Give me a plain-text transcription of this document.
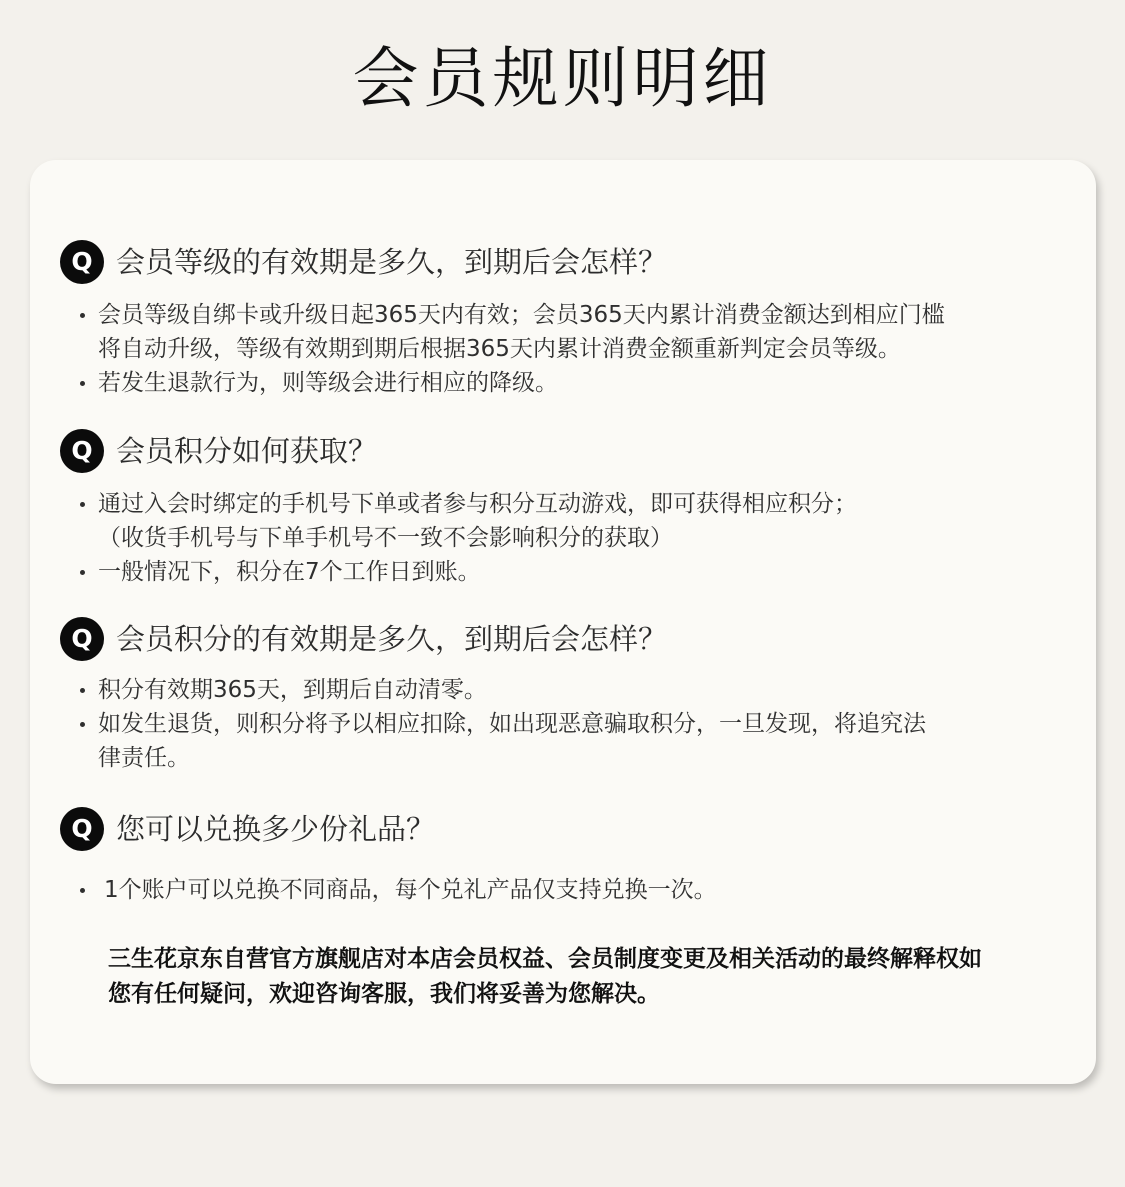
会员规则明细
Q 会员等级的有效期是多久，到期后会怎样？
会员等级自绑卡或升级日起365天内有效；会员365天内累计消费金额达到相应门槛
将自动升级，等级有效期到期后根据365天内累计消费金额重新判定会员等级。
若发生退款行为，则等级会进行相应的降级。
Q 会员积分如何获取？
通过入会时绑定的手机号下单或者参与积分互动游戏，即可获得相应积分；
（收货手机号与下单手机号不一致不会影响积分的获取）
一般情况下，积分在7个工作日到账。
Q 会员积分的有效期是多久，到期后会怎样？
积分有效期365天，到期后自动清零。
如发生退货，则积分将予以相应扣除，如出现恶意骗取积分，一旦发现，将追究法
律责任。
Q 您可以兑换多少份礼品？
1个账户可以兑换不同商品，每个兑礼产品仅支持兑换一次。
三生花京东自营官方旗舰店对本店会员权益、会员制度变更及相关活动的最终解释权如
您有任何疑问，欢迎咨询客服，我们将妥善为您解决。
